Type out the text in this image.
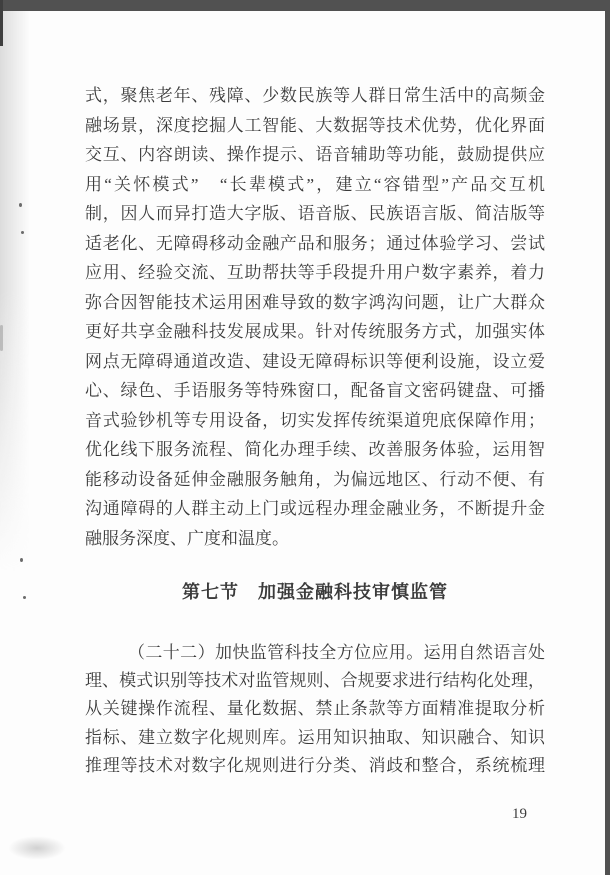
式，聚焦老年、残障、少数民族等人群日常生活中的高频金
融场景，深度挖掘人工智能、大数据等技术优势，优化界面
交互、内容朗读、操作提示、语音辅助等功能，鼓励提供应
用“关怀模式”　“长辈模式”，建立“容错型”产品交互机
制，因人而异打造大字版、语音版、民族语言版、简洁版等
适老化、无障碍移动金融产品和服务；通过体验学习、尝试
应用、经验交流、互助帮扶等手段提升用户数字素养，着力
弥合因智能技术运用困难导致的数字鸿沟问题，让广大群众
更好共享金融科技发展成果。针对传统服务方式，加强实体
网点无障碍通道改造、建设无障碍标识等便利设施，设立爱
心、绿色、手语服务等特殊窗口，配备盲文密码键盘、可播
音式验钞机等专用设备，切实发挥传统渠道兜底保障作用；
优化线下服务流程、简化办理手续、改善服务体验，运用智
能移动设备延伸金融服务触角，为偏远地区、行动不便、有
沟通障碍的人群主动上门或远程办理金融业务，不断提升金
融服务深度、广度和温度。
第七节　加强金融科技审慎监管
（二十二）加快监管科技全方位应用。运用自然语言处
理、模式识别等技术对监管规则、合规要求进行结构化处理，
从关键操作流程、量化数据、禁止条款等方面精准提取分析
指标、建立数字化规则库。运用知识抽取、知识融合、知识
推理等技术对数字化规则进行分类、消歧和整合，系统梳理
19
